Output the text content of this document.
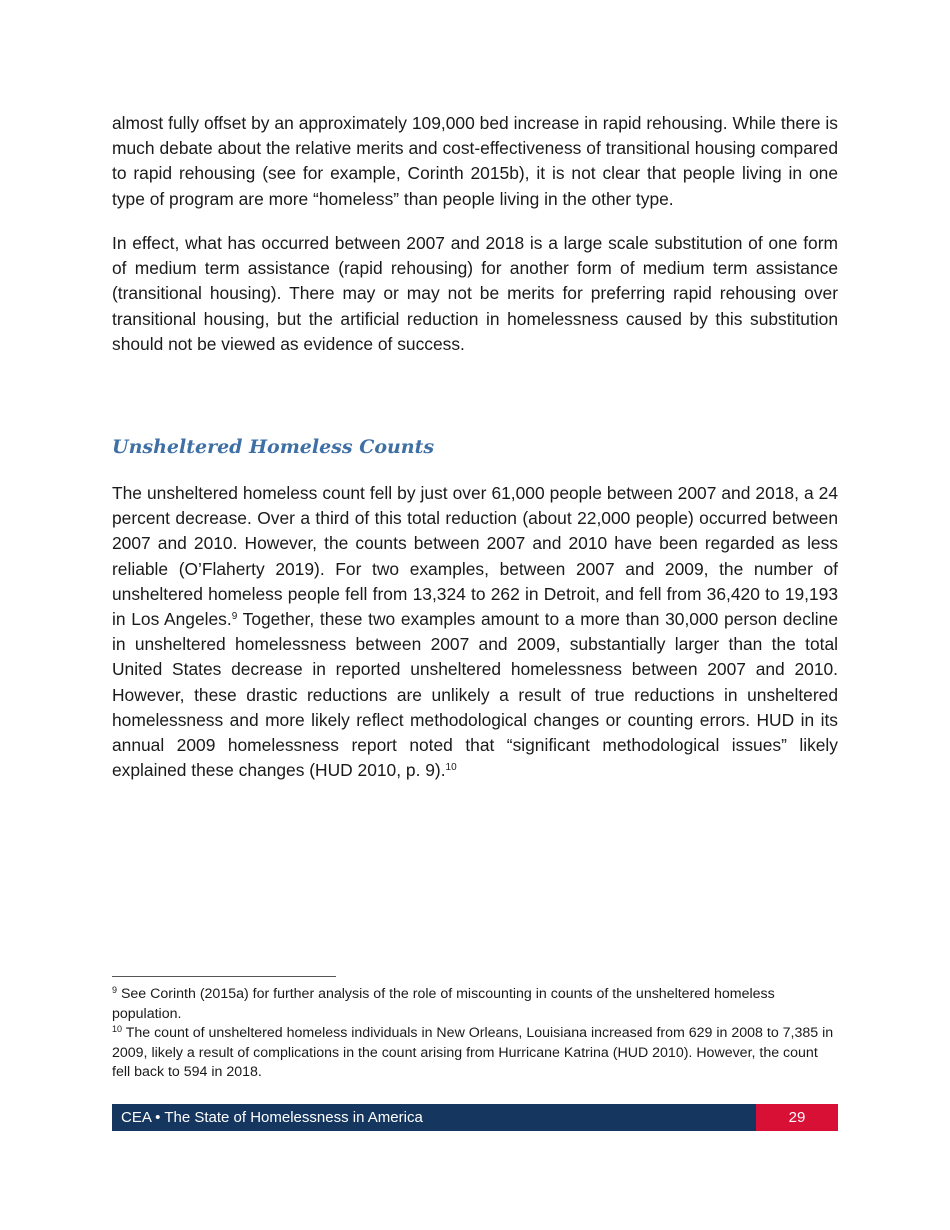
almost fully offset by an approximately 109,000 bed increase in rapid rehousing. While there is much debate about the relative merits and cost-effectiveness of transitional housing compared to rapid rehousing (see for example, Corinth 2015b), it is not clear that people living in one type of program are more “homeless” than people living in the other type.

In effect, what has occurred between 2007 and 2018 is a large scale substitution of one form of medium term assistance (rapid rehousing) for another form of medium term assistance (transitional housing). There may or may not be merits for preferring rapid rehousing over transitional housing, but the artificial reduction in homelessness caused by this substitution should not be viewed as evidence of success.

Unsheltered Homeless Counts

The unsheltered homeless count fell by just over 61,000 people between 2007 and 2018, a 24 percent decrease. Over a third of this total reduction (about 22,000 people) occurred between 2007 and 2010. However, the counts between 2007 and 2010 have been regarded as less reliable (O’Flaherty 2019). For two examples, between 2007 and 2009, the number of unsheltered homeless people fell from 13,324 to 262 in Detroit, and fell from 36,420 to 19,193 in Los Angeles.$^9$ Together, these two examples amount to a more than 30,000 person decline in unsheltered homelessness between 2007 and 2009, substantially larger than the total United States decrease in reported unsheltered homelessness between 2007 and 2010. However, these drastic reductions are unlikely a result of true reductions in unsheltered homelessness and more likely reflect methodological changes or counting errors. HUD in its annual 2009 homelessness report noted that “significant methodological issues” likely explained these changes (HUD 2010, p. 9).$^{10}$

$^9$ See Corinth (2015a) for further analysis of the role of miscounting in counts of the unsheltered homeless population.

$^{10}$ The count of unsheltered homeless individuals in New Orleans, Louisiana increased from 629 in 2008 to 7,385 in 2009, likely a result of complications in the count arising from Hurricane Katrina (HUD 2010). However, the count fell back to 594 in 2018.

CEA • The State of Homelessness in America	29
